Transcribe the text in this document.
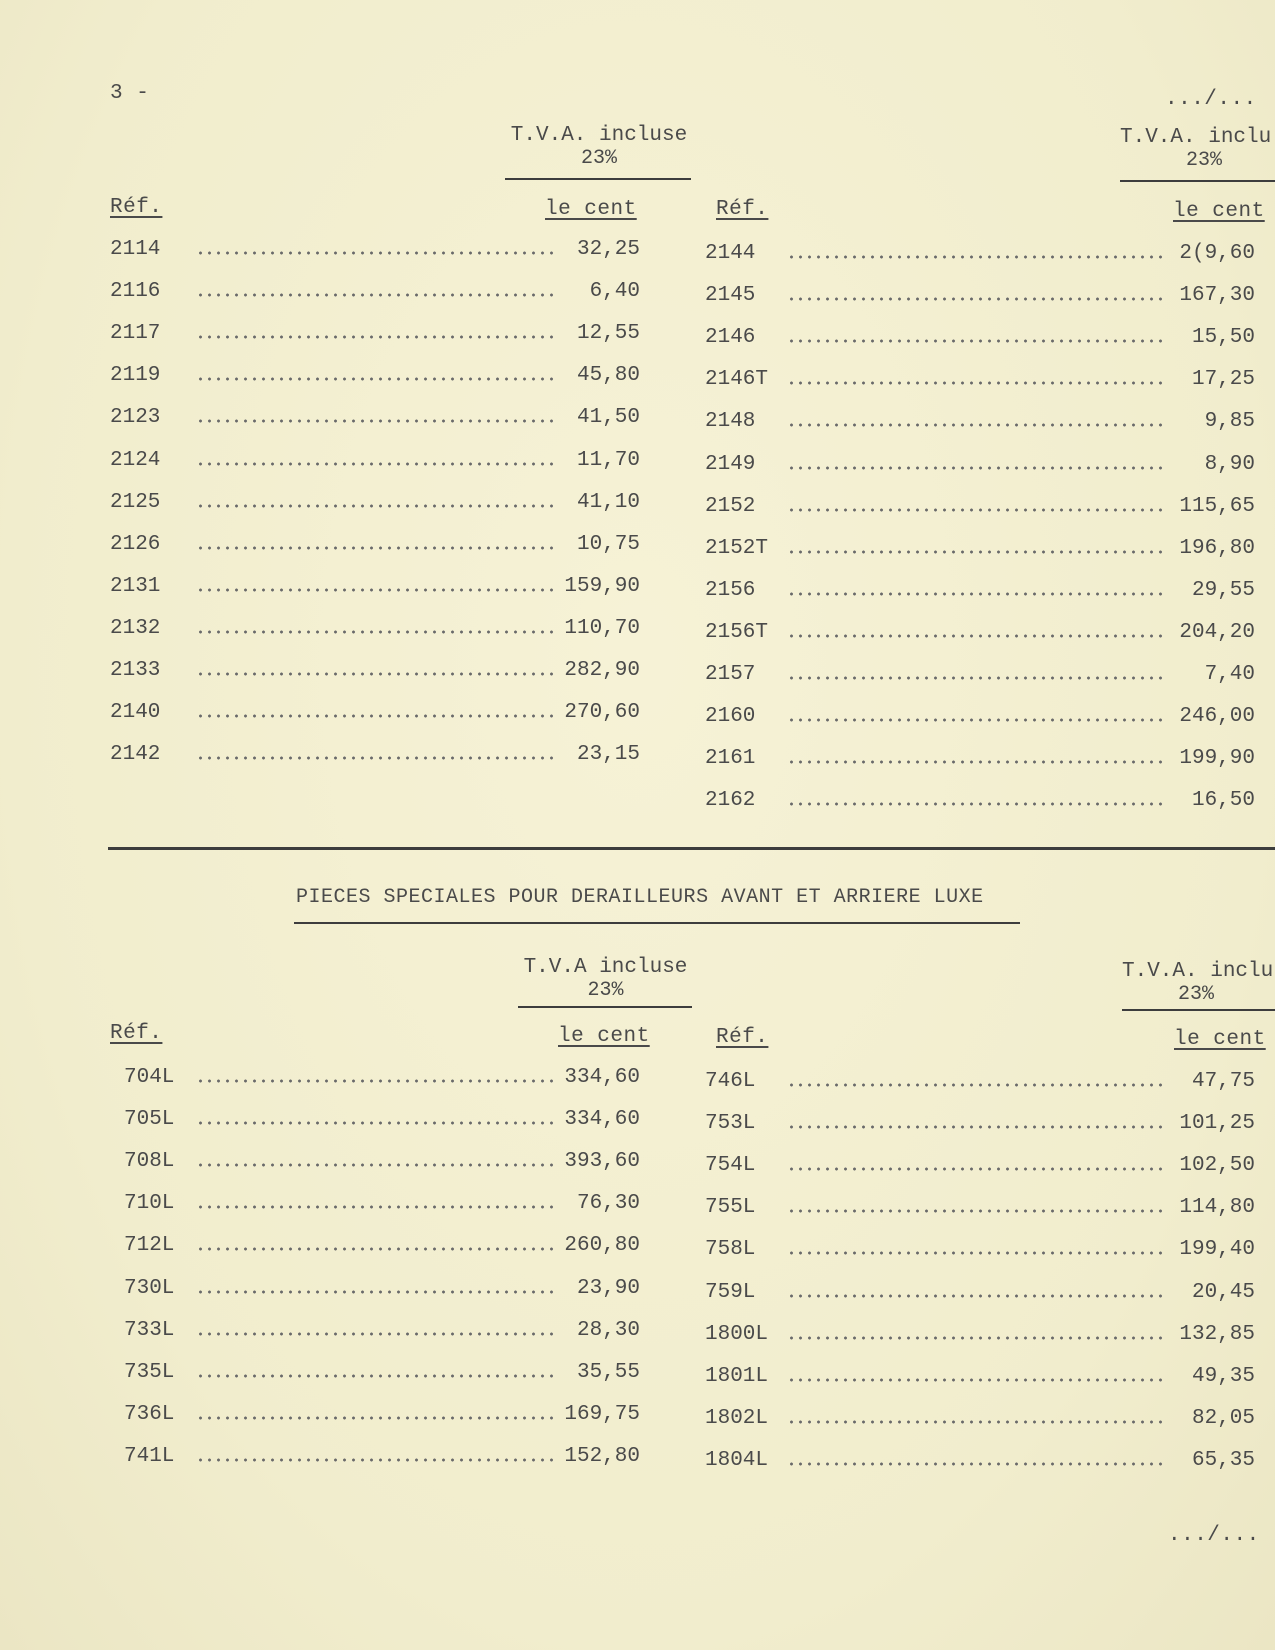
3 -	.../...
T.V.A. incluse
23%
T.V.A. inclu
23%
Réf.	le cent	Réf.	le cent
2114	32,25
2116	6,40
2117	12,55
2119	45,80
2123	41,50
2124	11,70
2125	41,10
2126	10,75
2131	159,90
2132	110,70
2133	282,90
2140	270,60
2142	23,15
2144	2(9,60
2145	167,30
2146	15,50
2146T	17,25
2148	9,85
2149	8,90
2152	115,65
2152T	196,80
2156	29,55
2156T	204,20
2157	7,40
2160	246,00
2161	199,90
2162	16,50
PIECES SPECIALES POUR DERAILLEURS AVANT ET ARRIERE LUXE
T.V.A incluse
23%
T.V.A. inclu
23%
Réf.	le cent	Réf.	le cent
704L	334,60
705L	334,60
708L	393,60
710L	76,30
712L	260,80
730L	23,90
733L	28,30
735L	35,55
736L	169,75
741L	152,80
746L	47,75
753L	101,25
754L	102,50
755L	114,80
758L	199,40
759L	20,45
1800L	132,85
1801L	49,35
1802L	82,05
1804L	65,35
.../...
